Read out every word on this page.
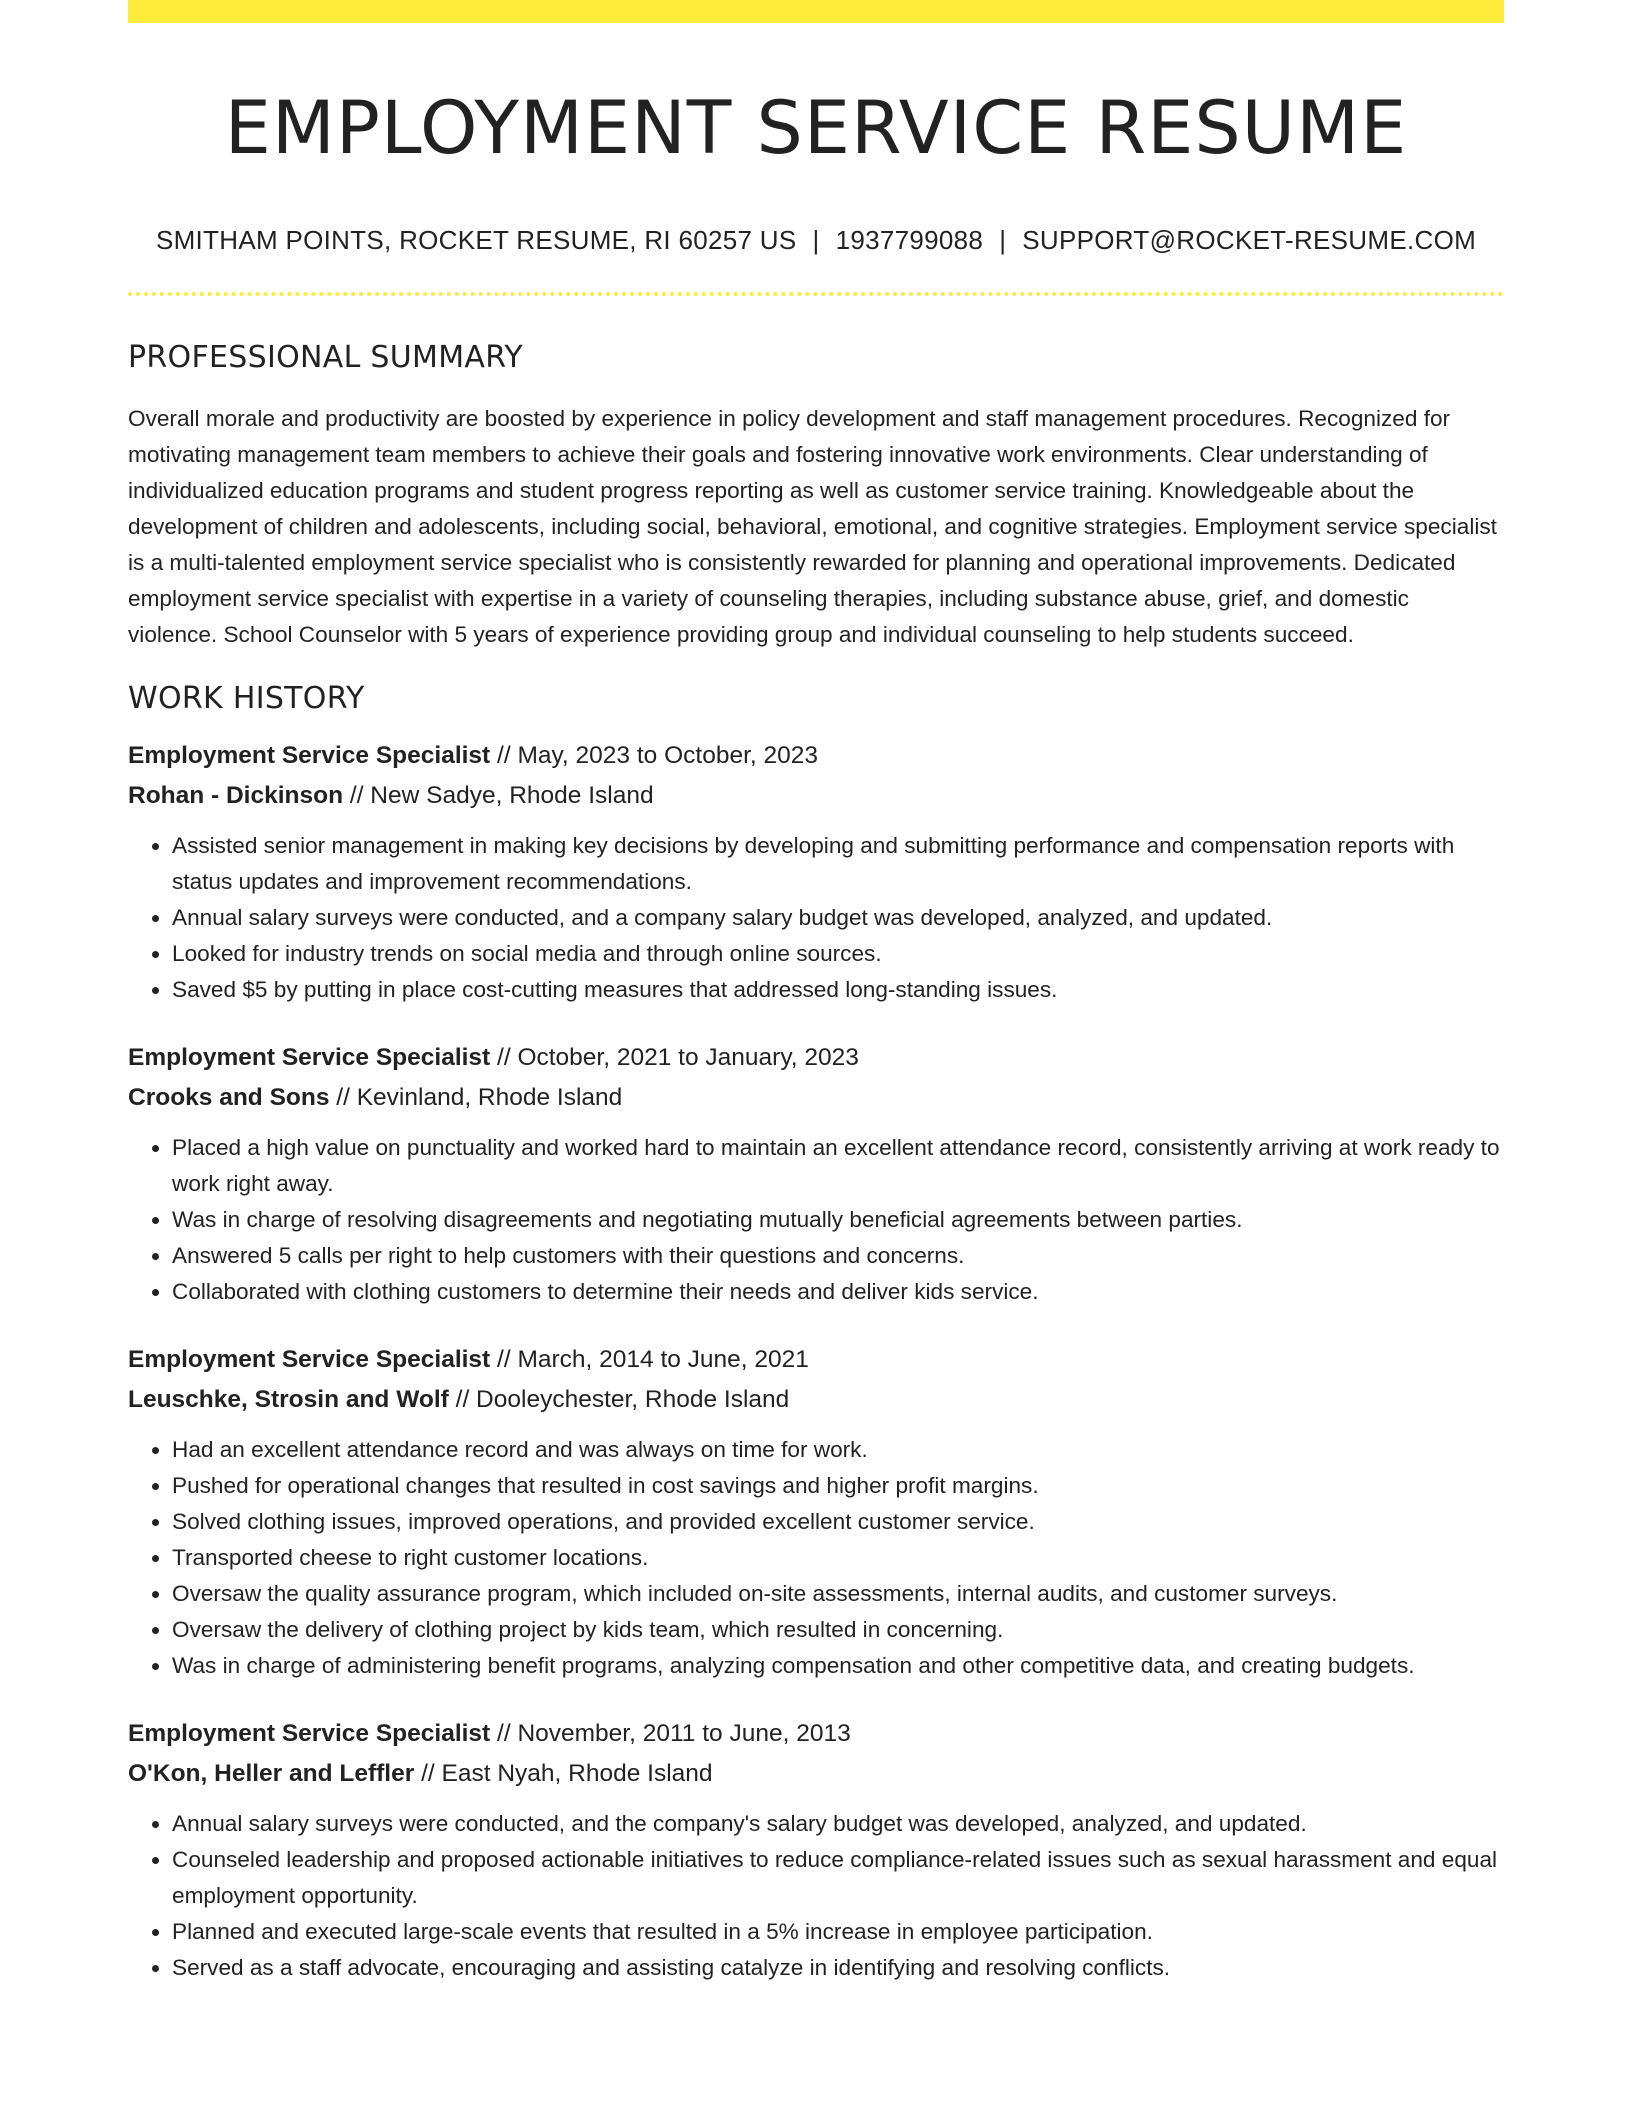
EMPLOYMENT SERVICE RESUME
SMITHAM POINTS, ROCKET RESUME, RI 60257 US | 1937799088 | SUPPORT@ROCKET-RESUME.COM
PROFESSIONAL SUMMARY
Overall morale and productivity are boosted by experience in policy development and staff management procedures. Recognized for motivating management team members to achieve their goals and fostering innovative work environments. Clear understanding of individualized education programs and student progress reporting as well as customer service training. Knowledgeable about the development of children and adolescents, including social, behavioral, emotional, and cognitive strategies. Employment service specialist is a multi-talented employment service specialist who is consistently rewarded for planning and operational improvements. Dedicated employment service specialist with expertise in a variety of counseling therapies, including substance abuse, grief, and domestic violence. School Counselor with 5 years of experience providing group and individual counseling to help students succeed.
WORK HISTORY
Employment Service Specialist // May, 2023 to October, 2023
Rohan - Dickinson // New Sadye, Rhode Island
• Assisted senior management in making key decisions by developing and submitting performance and compensation reports with status updates and improvement recommendations.
• Annual salary surveys were conducted, and a company salary budget was developed, analyzed, and updated.
• Looked for industry trends on social media and through online sources.
• Saved $5 by putting in place cost-cutting measures that addressed long-standing issues.
Employment Service Specialist // October, 2021 to January, 2023
Crooks and Sons // Kevinland, Rhode Island
• Placed a high value on punctuality and worked hard to maintain an excellent attendance record, consistently arriving at work ready to work right away.
• Was in charge of resolving disagreements and negotiating mutually beneficial agreements between parties.
• Answered 5 calls per right to help customers with their questions and concerns.
• Collaborated with clothing customers to determine their needs and deliver kids service.
Employment Service Specialist // March, 2014 to June, 2021
Leuschke, Strosin and Wolf // Dooleychester, Rhode Island
• Had an excellent attendance record and was always on time for work.
• Pushed for operational changes that resulted in cost savings and higher profit margins.
• Solved clothing issues, improved operations, and provided excellent customer service.
• Transported cheese to right customer locations.
• Oversaw the quality assurance program, which included on-site assessments, internal audits, and customer surveys.
• Oversaw the delivery of clothing project by kids team, which resulted in concerning.
• Was in charge of administering benefit programs, analyzing compensation and other competitive data, and creating budgets.
Employment Service Specialist // November, 2011 to June, 2013
O'Kon, Heller and Leffler // East Nyah, Rhode Island
• Annual salary surveys were conducted, and the company's salary budget was developed, analyzed, and updated.
• Counseled leadership and proposed actionable initiatives to reduce compliance-related issues such as sexual harassment and equal employment opportunity.
• Planned and executed large-scale events that resulted in a 5% increase in employee participation.
• Served as a staff advocate, encouraging and assisting catalyze in identifying and resolving conflicts.
